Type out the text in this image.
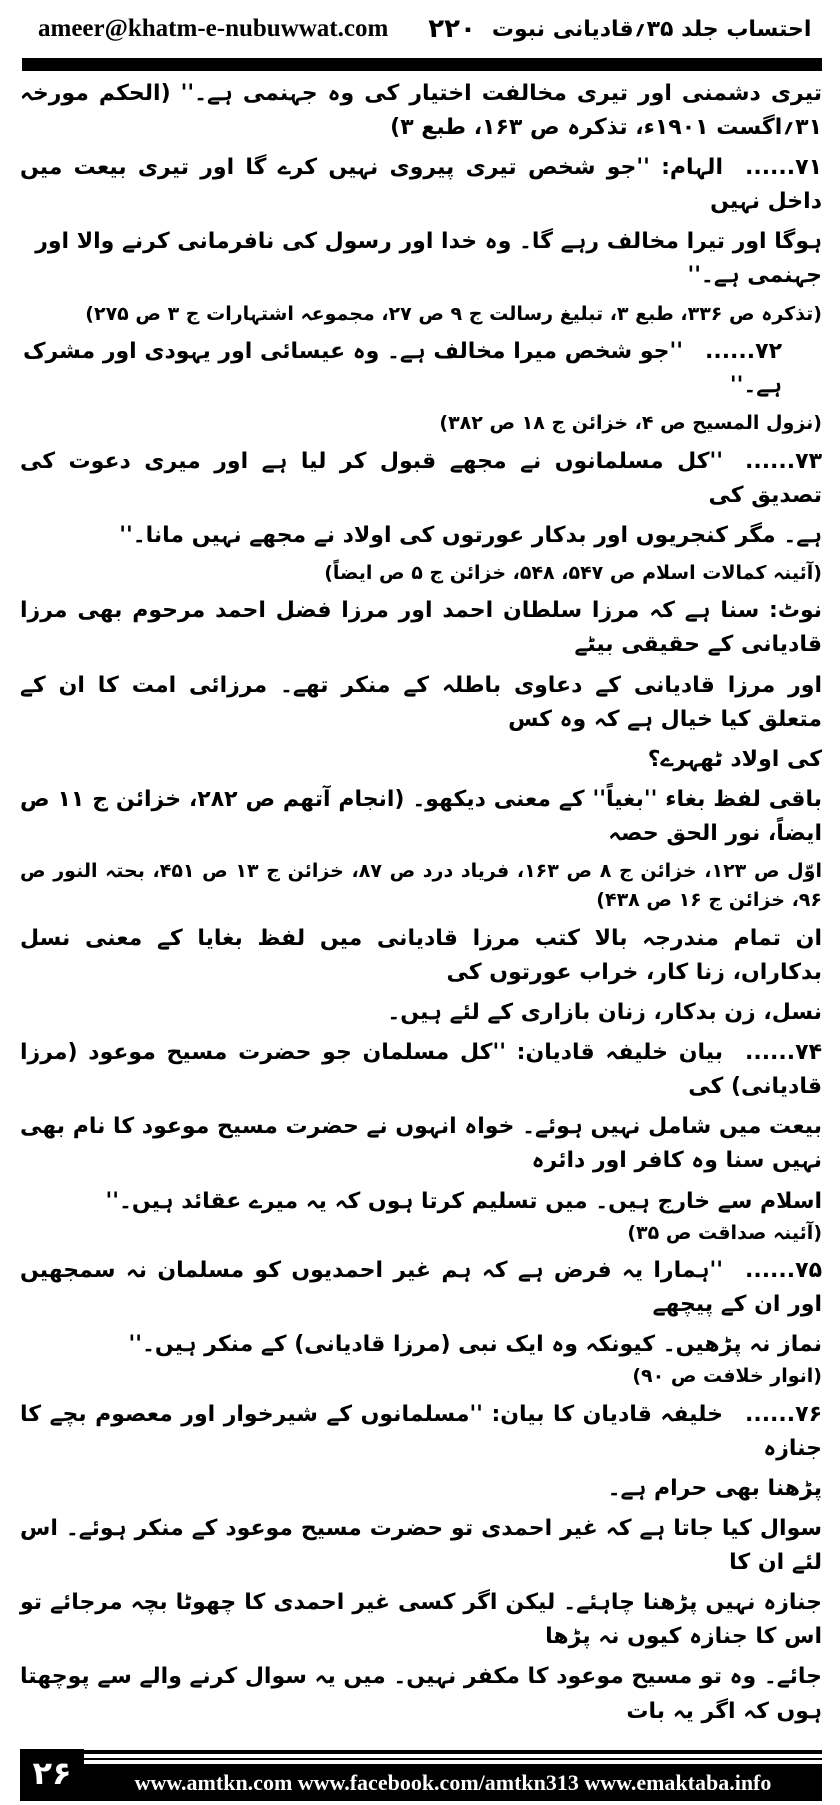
ameer@khatm-e-nubuwwat.com ۲۲۰ احتساب جلد ۳۵؍قادیانی نبوت
تیری دشمنی اور تیری مخالفت اختیار کی وہ جہنمی ہے۔'' (الحکم مورخہ ۳۱؍اگست ۱۹۰۱ء، تذکرہ ص ۱۶۳، طبع ۳)
۷۱......الہام: ''جو شخص تیری پیروی نہیں کرے گا اور تیری بیعت میں داخل نہیں
ہوگا اور تیرا مخالف رہے گا۔ وہ خدا اور رسول کی نافرمانی کرنے والا اور جہنمی ہے۔''
(تذکرہ ص ۳۳۶، طبع ۳، تبلیغ رسالت ج ۹ ص ۲۷، مجموعہ اشتہارات ج ۳ ص ۲۷۵)
۷۲......''جو شخص میرا مخالف ہے۔ وہ عیسائی اور یہودی اور مشرک ہے۔''
(نزول المسیح ص ۴، خزائن ج ۱۸ ص ۳۸۲)
۷۳......''کل مسلمانوں نے مجھے قبول کر لیا ہے اور میری دعوت کی تصدیق کی
ہے۔ مگر کنجریوں اور بدکار عورتوں کی اولاد نے مجھے نہیں مانا۔''
(آئینہ کمالات اسلام ص ۵۴۷، ۵۴۸، خزائن ج ۵ ص ایضاً)
نوٹ: سنا ہے کہ مرزا سلطان احمد اور مرزا فضل احمد مرحوم بھی مرزا قادیانی کے حقیقی بیٹے
اور مرزا قادیانی کے دعاوی باطلہ کے منکر تھے۔ مرزائی امت کا ان کے متعلق کیا خیال ہے کہ وہ کس
کی اولاد ٹھہرے؟
باقی لفظ بغاء ''بغیاً'' کے معنی دیکھو۔ (انجام آتھم ص ۲۸۲، خزائن ج ۱۱ ص ایضاً، نور الحق حصہ
اوّل ص ۱۲۳، خزائن ج ۸ ص ۱۶۳، فریاد درد ص ۸۷، خزائن ج ۱۳ ص ۴۵۱، بحتہ النور ص ۹۶، خزائن ج ۱۶ ص ۴۳۸)
ان تمام مندرجہ بالا کتب مرزا قادیانی میں لفظ بغایا کے معنی نسل بدکاراں، زنا کار، خراب عورتوں کی
نسل، زن بدکار، زنان بازاری کے لئے ہیں۔
۷۴......بیان خلیفہ قادیان: ''کل مسلمان جو حضرت مسیح موعود (مرزا قادیانی) کی
بیعت میں شامل نہیں ہوئے۔ خواہ انہوں نے حضرت مسیح موعود کا نام بھی نہیں سنا وہ کافر اور دائرہ
اسلام سے خارج ہیں۔ میں تسلیم کرتا ہوں کہ یہ میرے عقائد ہیں۔''
(آئینہ صداقت ص ۳۵)
۷۵......''ہمارا یہ فرض ہے کہ ہم غیر احمدیوں کو مسلمان نہ سمجھیں اور ان کے پیچھے
نماز نہ پڑھیں۔ کیونکہ وہ ایک نبی (مرزا قادیانی) کے منکر ہیں۔''
(انوار خلافت ص ۹۰)
۷۶......خلیفہ قادیان کا بیان: ''مسلمانوں کے شیرخوار اور معصوم بچے کا جنازہ
پڑھنا بھی حرام ہے۔
سوال کیا جاتا ہے کہ غیر احمدی تو حضرت مسیح موعود کے منکر ہوئے۔ اس لئے ان کا
جنازہ نہیں پڑھنا چاہئے۔ لیکن اگر کسی غیر احمدی کا چھوٹا بچہ مرجائے تو اس کا جنازہ کیوں نہ پڑھا
جائے۔ وہ تو مسیح موعود کا مکفر نہیں۔ میں یہ سوال کرنے والے سے پوچھتا ہوں کہ اگر یہ بات
۲۶	www.amtkn.com www.facebook.com/amtkn313 www.emaktaba.info
